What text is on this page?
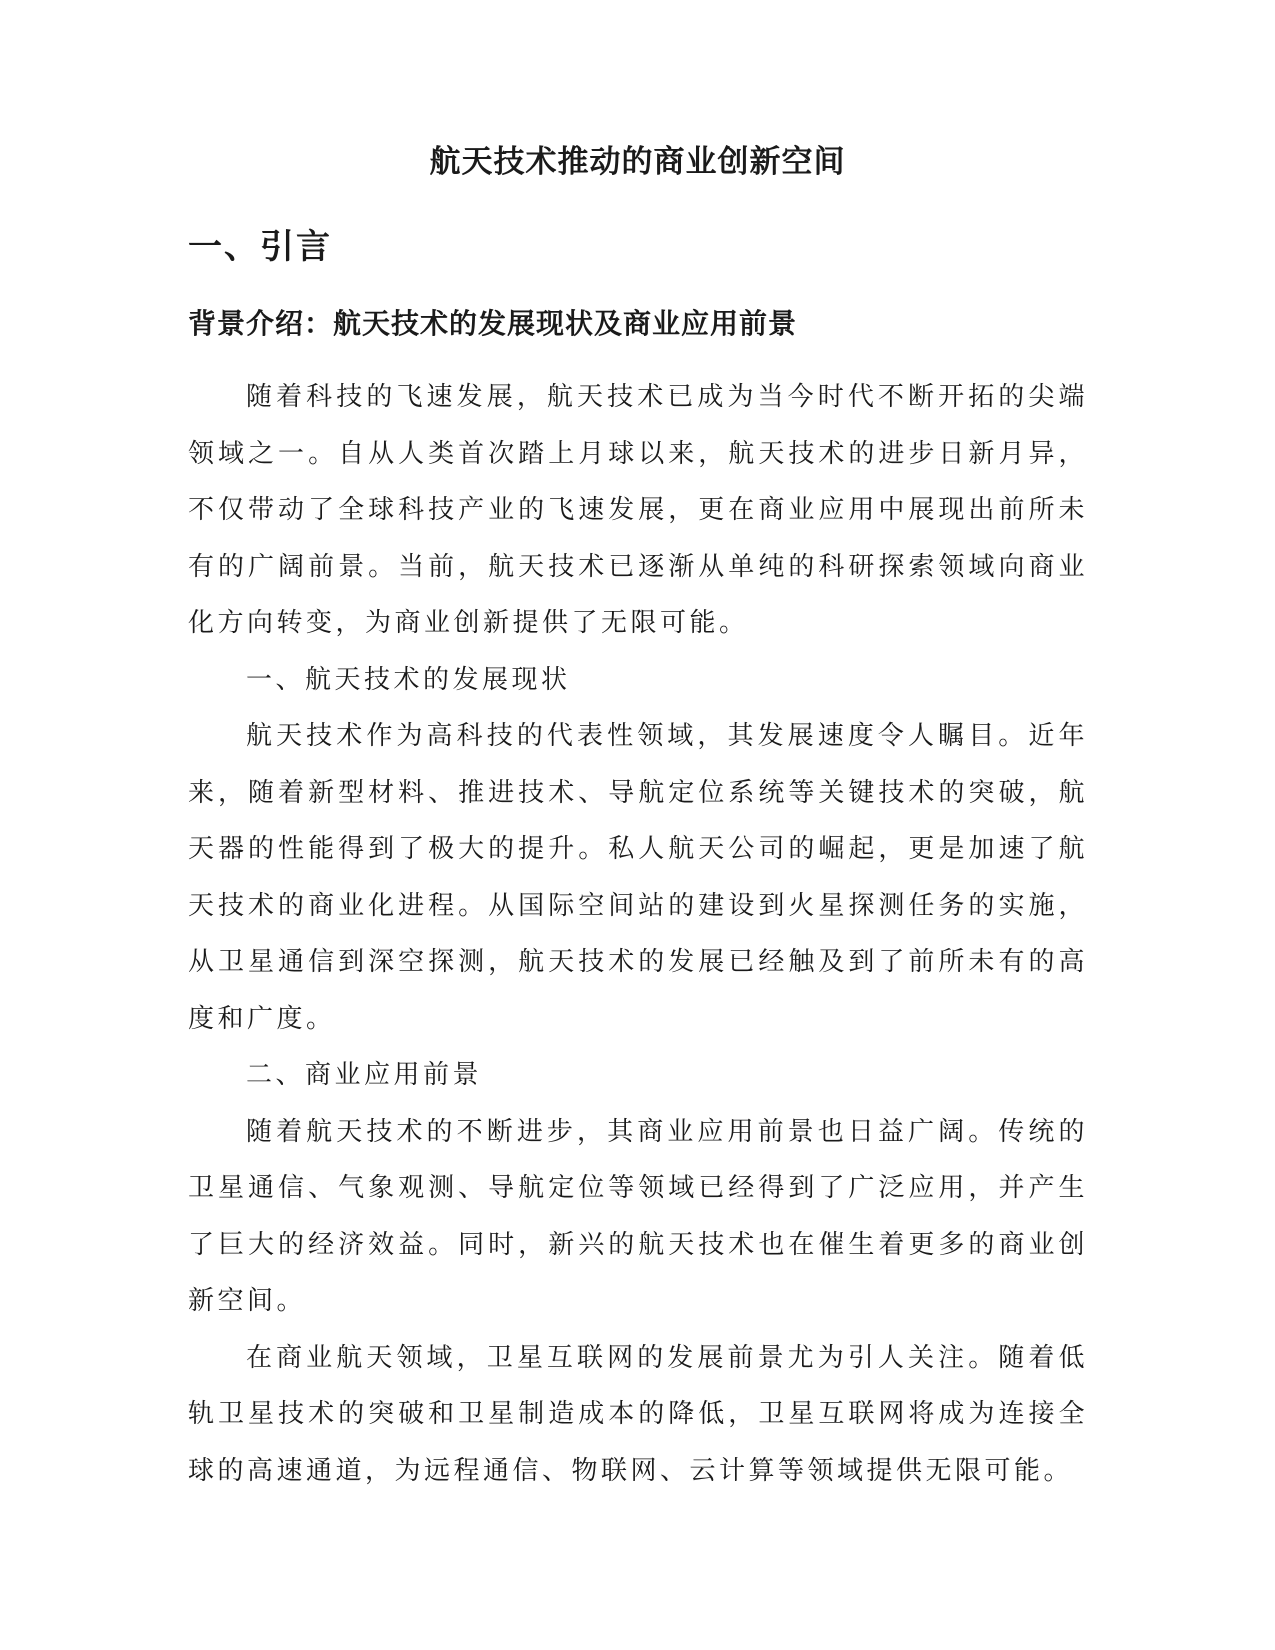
航天技术推动的商业创新空间
一、引言
背景介绍：航天技术的发展现状及商业应用前景

随着科技的飞速发展，航天技术已成为当今时代不断开拓的尖端领域之一。自从人类首次踏上月球以来，航天技术的进步日新月异，不仅带动了全球科技产业的飞速发展，更在商业应用中展现出前所未有的广阔前景。当前，航天技术已逐渐从单纯的科研探索领域向商业化方向转变，为商业创新提供了无限可能。

一、航天技术的发展现状

航天技术作为高科技的代表性领域，其发展速度令人瞩目。近年来，随着新型材料、推进技术、导航定位系统等关键技术的突破，航天器的性能得到了极大的提升。私人航天公司的崛起，更是加速了航天技术的商业化进程。从国际空间站的建设到火星探测任务的实施，从卫星通信到深空探测，航天技术的发展已经触及到了前所未有的高度和广度。

二、商业应用前景

随着航天技术的不断进步，其商业应用前景也日益广阔。传统的卫星通信、气象观测、导航定位等领域已经得到了广泛应用，并产生了巨大的经济效益。同时，新兴的航天技术也在催生着更多的商业创新空间。

在商业航天领域，卫星互联网的发展前景尤为引人关注。随着低轨卫星技术的突破和卫星制造成本的降低，卫星互联网将成为连接全球的高速通道，为远程通信、物联网、云计算等领域提供无限可能。
